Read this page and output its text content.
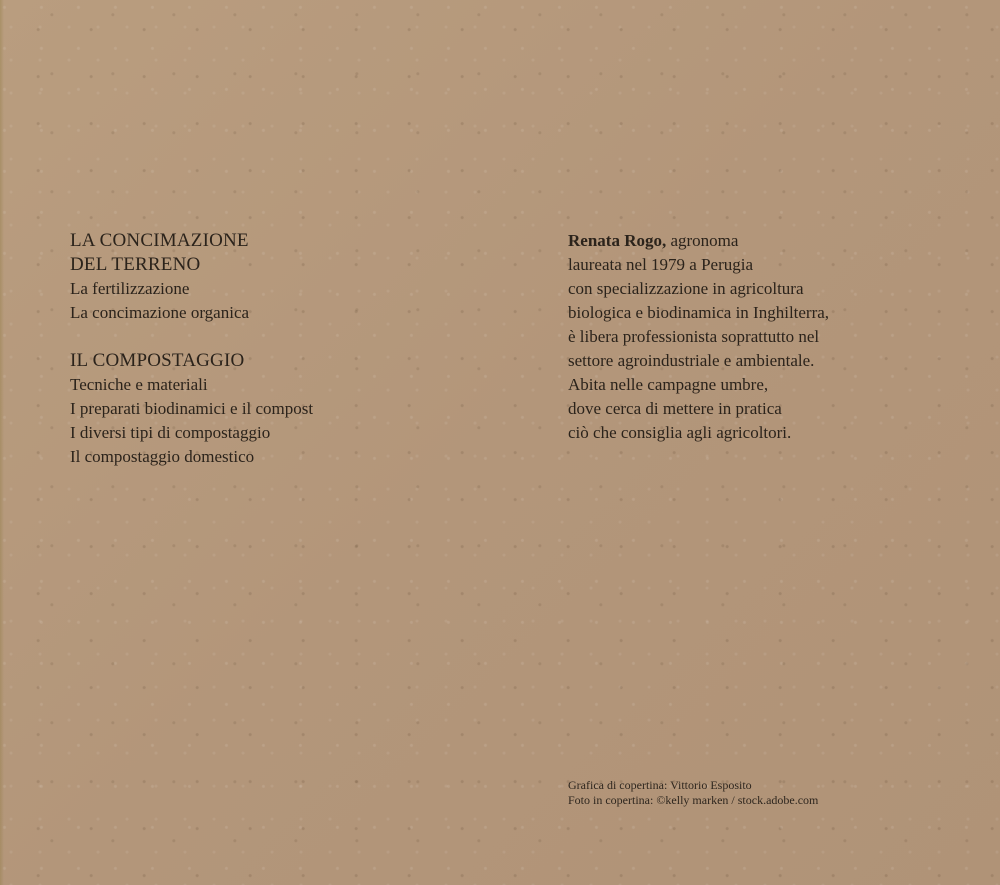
LA CONCIMAZIONE

DEL TERRENO

La fertilizzazione

La concimazione organica

IL COMPOSTAGGIO

Tecniche e materiali

I preparati biodinamici e il compost

I diversi tipi di compostaggio

Il compostaggio domestico

Renata Rogo, agronoma

laureata nel 1979 a Perugia

con specializzazione in agricoltura

biologica e biodinamica in Inghilterra,

è libera professionista soprattutto nel

settore agroindustriale e ambientale.

Abita nelle campagne umbre,

dove cerca di mettere in pratica

ciò che consiglia agli agricoltori.

Grafica di copertina: Vittorio Esposito

Foto in copertina: ©kelly marken / stock.adobe.com
